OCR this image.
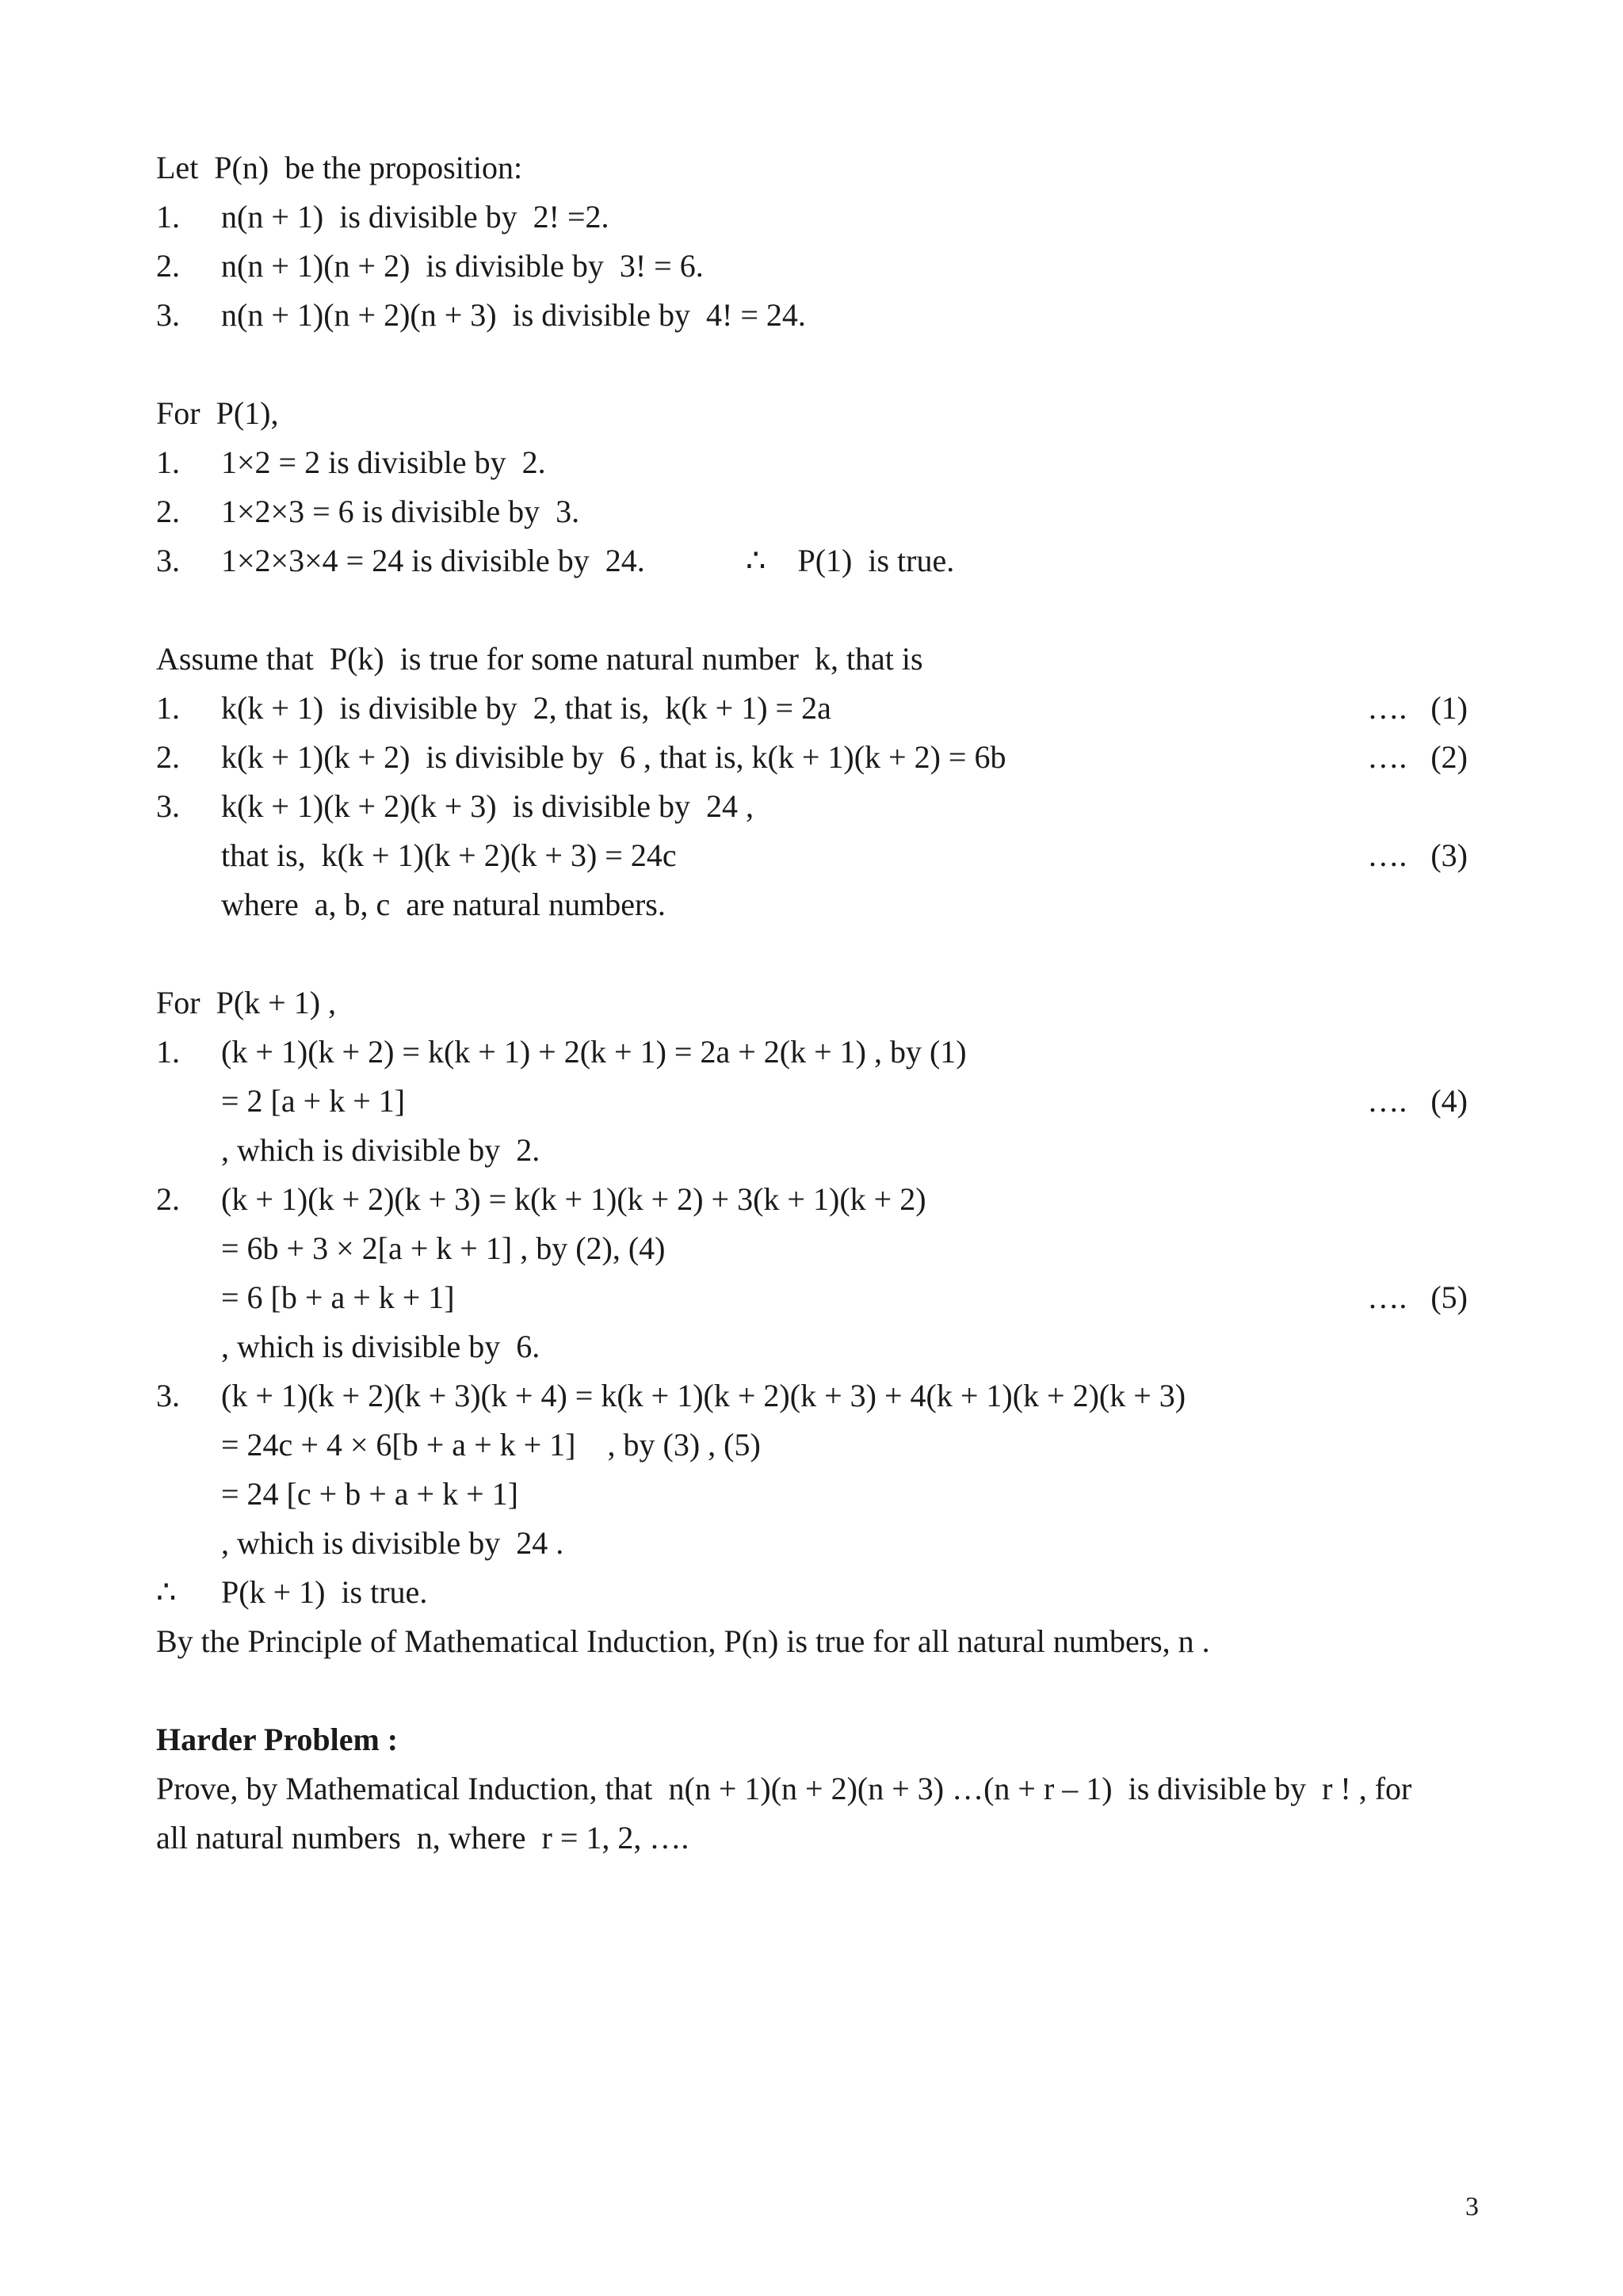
Let  P(n)  be the proposition:

1.

n(n + 1)  is divisible by  2! =2.

2.

n(n + 1)(n + 2)  is divisible by  3! = 6.

3.

n(n + 1)(n + 2)(n + 3)  is divisible by  4! = 24.

For  P(1),

1.

1×2 = 2 is divisible by  2.

2.

1×2×3 = 6 is divisible by  3.

3.

1×2×3×4 = 24 is divisible by  24.

	∴    P(1)  is true.

Assume that  P(k)  is true for some natural number  k, that is

1.

k(k + 1)  is divisible by  2, that is,  k(k + 1) = 2a

	….   (1)

2.

k(k + 1)(k + 2)  is divisible by  6 , that is, k(k + 1)(k + 2) = 6b

	….   (2)

3.

k(k + 1)(k + 2)(k + 3)  is divisible by  24 ,

that is,  k(k + 1)(k + 2)(k + 3) = 24c

	….   (3)

where  a, b, c  are natural numbers.

For  P(k + 1) ,

1.

(k + 1)(k + 2) = k(k + 1) + 2(k + 1) = 2a + 2(k + 1) , by (1)

= 2 [a + k + 1]

	….   (4)

, which is divisible by  2.

2.

(k + 1)(k + 2)(k + 3) = k(k + 1)(k + 2) + 3(k + 1)(k + 2)

= 6b + 3 × 2[a + k + 1] , by (2), (4)

= 6 [b + a + k + 1]

	….   (5)

, which is divisible by  6.

3.

(k + 1)(k + 2)(k + 3)(k + 4) = k(k + 1)(k + 2)(k + 3) + 4(k + 1)(k + 2)(k + 3)

= 24c + 4 × 6[b + a + k + 1]    , by (3) , (5)

= 24 [c + b + a + k + 1]

, which is divisible by  24 .

∴

P(k + 1)  is true.

By the Principle of Mathematical Induction, P(n) is true for all natural numbers, n .

Harder Problem :

Prove, by Mathematical Induction, that  n(n + 1)(n + 2)(n + 3) …(n + r – 1)  is divisible by  r ! , for

all natural numbers  n, where  r = 1, 2, ….

3
